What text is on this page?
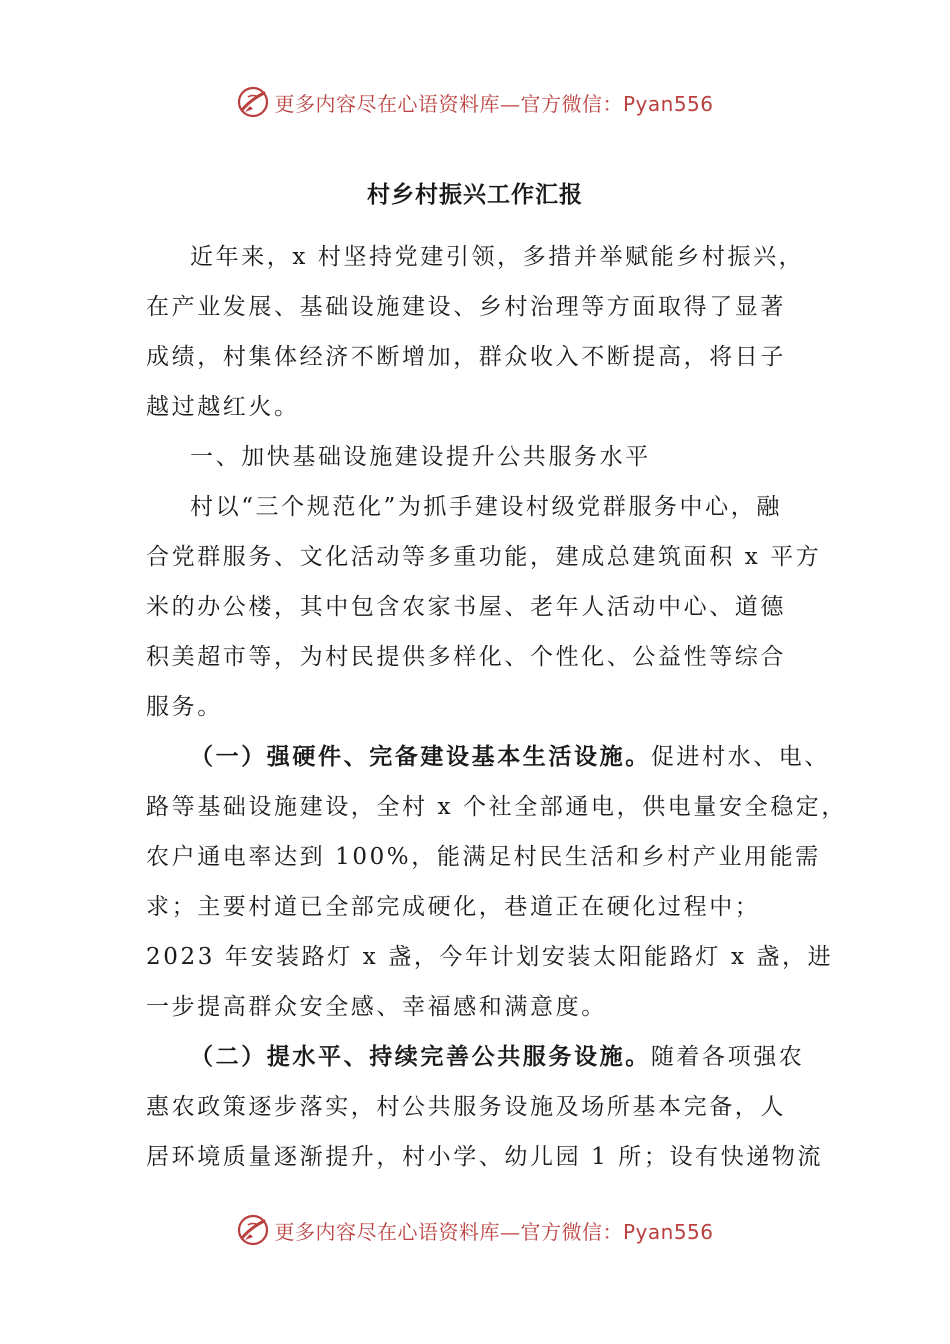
更多内容尽在心语资料库—官方微信：Pyan556
村乡村振兴工作汇报
近年来，x 村坚持党建引领，多措并举赋能乡村振兴，
在产业发展、基础设施建设、乡村治理等方面取得了显著
成绩，村集体经济不断增加，群众收入不断提高，将日子
越过越红火。
一、加快基础设施建设提升公共服务水平
村以“三个规范化”为抓手建设村级党群服务中心，融
合党群服务、文化活动等多重功能，建成总建筑面积 x 平方
米的办公楼，其中包含农家书屋、老年人活动中心、道德
积美超市等，为村民提供多样化、个性化、公益性等综合
服务。
（一）强硬件、完备建设基本生活设施。促进村水、电、
路等基础设施建设，全村 x 个社全部通电，供电量安全稳定，
农户通电率达到 100%，能满足村民生活和乡村产业用能需
求；主要村道已全部完成硬化，巷道正在硬化过程中；
2023 年安装路灯 x 盏，今年计划安装太阳能路灯 x 盏，进
一步提高群众安全感、幸福感和满意度。
（二）提水平、持续完善公共服务设施。随着各项强农
惠农政策逐步落实，村公共服务设施及场所基本完备，人
居环境质量逐渐提升，村小学、幼儿园 1 所；设有快递物流
更多内容尽在心语资料库—官方微信：Pyan556
